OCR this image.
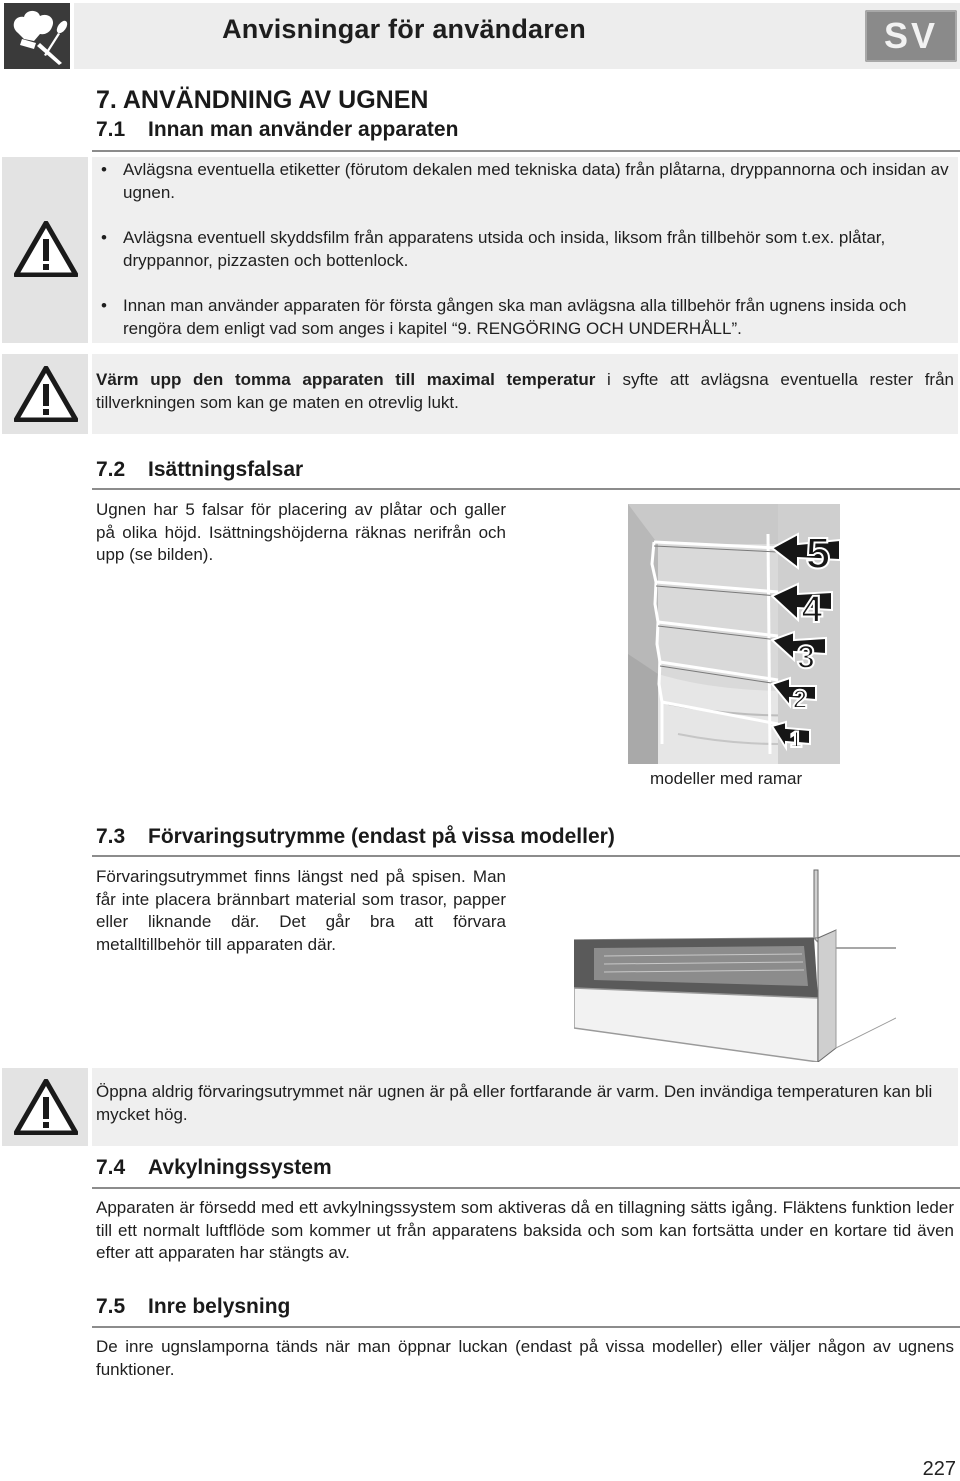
Anvisningar för användaren	SV
7. ANVÄNDNING AV UGNEN
7.1 Innan man använder apparaten
• Avlägsna eventuella etiketter (förutom dekalen med tekniska data) från plåtarna, dryppannorna och insidan av ugnen.
• Avlägsna eventuell skyddsfilm från apparatens utsida och insida, liksom från tillbehör som t.ex. plåtar, dryppannor, pizzasten och bottenlock.
• Innan man använder apparaten för första gången ska man avlägsna alla tillbehör från ugnens insida och rengöra dem enligt vad som anges i kapitel “9. RENGÖRING OCH UNDERHÅLL”.
Värm upp den tomma apparaten till maximal temperatur i syfte att avlägsna eventuella rester från tillverkningen som kan ge maten en otrevlig lukt.
7.2 Isättningsfalsar
Ugnen har 5 falsar för placering av plåtar och galler på olika höjd. Isättningshöjderna räknas nerifrån och upp (se bilden).	5
4
3
2
1
modeller med ramar
7.3 Förvaringsutrymme (endast på vissa modeller)
Förvaringsutrymmet finns längst ned på spisen. Man får inte placera brännbart material som trasor, papper eller liknande där. Det går bra att förvara metalltillbehör till apparaten där.
Öppna aldrig förvaringsutrymmet när ugnen är på eller fortfarande är varm. Den invändiga temperaturen kan bli mycket hög.
7.4 Avkylningssystem
Apparaten är försedd med ett avkylningssystem som aktiveras då en tillagning sätts igång. Fläktens funktion leder till ett normalt luftflöde som kommer ut från apparatens baksida och som kan fortsätta under en kortare tid även efter att apparaten har stängts av.
7.5 Inre belysning
De inre ugnslamporna tänds när man öppnar luckan (endast på vissa modeller) eller väljer någon av ugnens funktioner.
227
